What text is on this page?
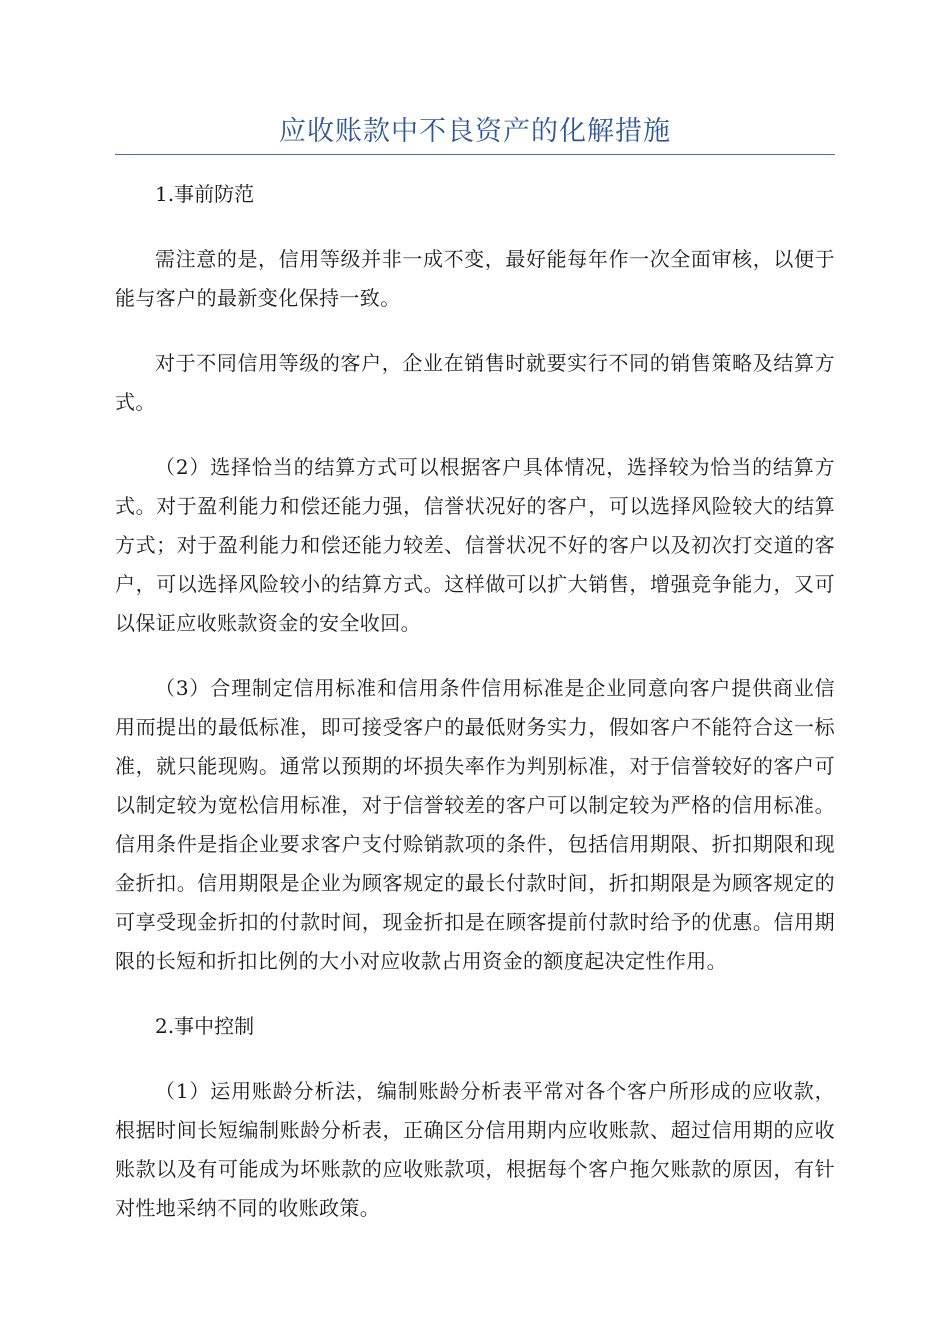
应收账款中不良资产的化解措施

1.事前防范

需注意的是，信用等级并非一成不变，最好能每年作一次全面审核，以便于能与客户的最新变化保持一致。

对于不同信用等级的客户，企业在销售时就要实行不同的销售策略及结算方式。

（2）选择恰当的结算方式可以根据客户具体情况，选择较为恰当的结算方式。对于盈利能力和偿还能力强，信誉状况好的客户，可以选择风险较大的结算方式；对于盈利能力和偿还能力较差、信誉状况不好的客户以及初次打交道的客户，可以选择风险较小的结算方式。这样做可以扩大销售，增强竞争能力，又可以保证应收账款资金的安全收回。

（3）合理制定信用标准和信用条件信用标准是企业同意向客户提供商业信用而提出的最低标准，即可接受客户的最低财务实力，假如客户不能符合这一标准，就只能现购。通常以预期的坏损失率作为判别标准，对于信誉较好的客户可以制定较为宽松信用标准，对于信誉较差的客户可以制定较为严格的信用标准。信用条件是指企业要求客户支付赊销款项的条件，包括信用期限、折扣期限和现金折扣。信用期限是企业为顾客规定的最长付款时间，折扣期限是为顾客规定的可享受现金折扣的付款时间，现金折扣是在顾客提前付款时给予的优惠。信用期限的长短和折扣比例的大小对应收款占用资金的额度起决定性作用。

2.事中控制

（1）运用账龄分析法，编制账龄分析表平常对各个客户所形成的应收款，根据时间长短编制账龄分析表，正确区分信用期内应收账款、超过信用期的应收账款以及有可能成为坏账款的应收账款项，根据每个客户拖欠账款的原因，有针对性地采纳不同的收账政策。
